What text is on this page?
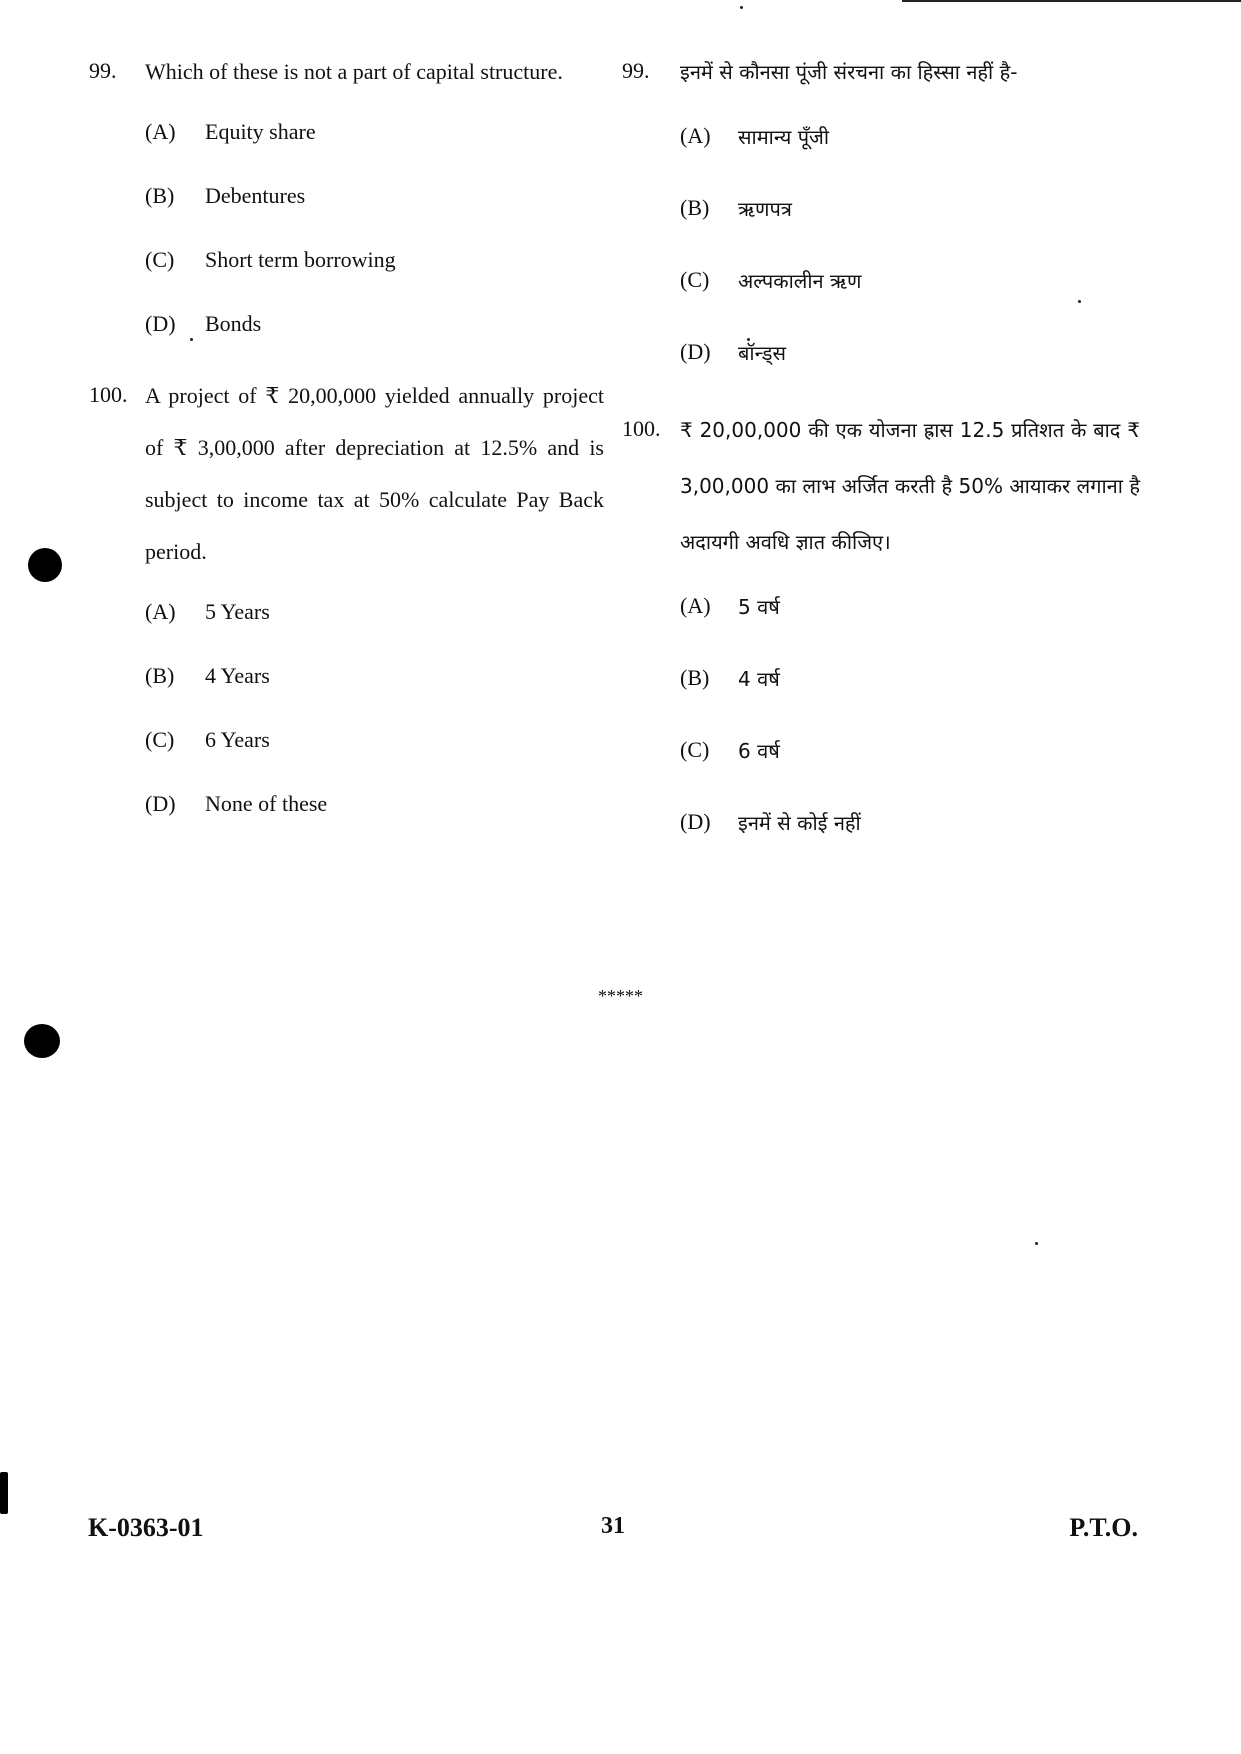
99.	Which of these is not a part of capital structure.
(A)	Equity share
(B)	Debentures
(C)	Short term borrowing
(D)	Bonds
100. A project of ₹ 20,00,000 yielded annually project of ₹ 3,00,000 after depreciation at 12.5% and is subject to income tax at 50% calculate Pay Back period.
(A)	5 Years
(B)	4 Years
(C)	6 Years
(D)	None of these
99.	इनमें से कौनसा पूंजी संरचना का हिस्सा नहीं है-
(A)	सामान्य पूँजी
(B)	ऋणपत्र
(C)	अल्पकालीन ऋण
(D)	बॉन्ड्स
100. ₹ 20,00,000 की एक योजना ह्रास 12.5 प्रतिशत के बाद ₹ 3,00,000 का लाभ अर्जित करती है 50% आयाकर लगाना है अदायगी अवधि ज्ञात कीजिए।
(A)	5 वर्ष
(B)	4 वर्ष
(C)	6 वर्ष
(D)	इनमें से कोई नहीं
*****
K-0363-01	31	P.T.O.
